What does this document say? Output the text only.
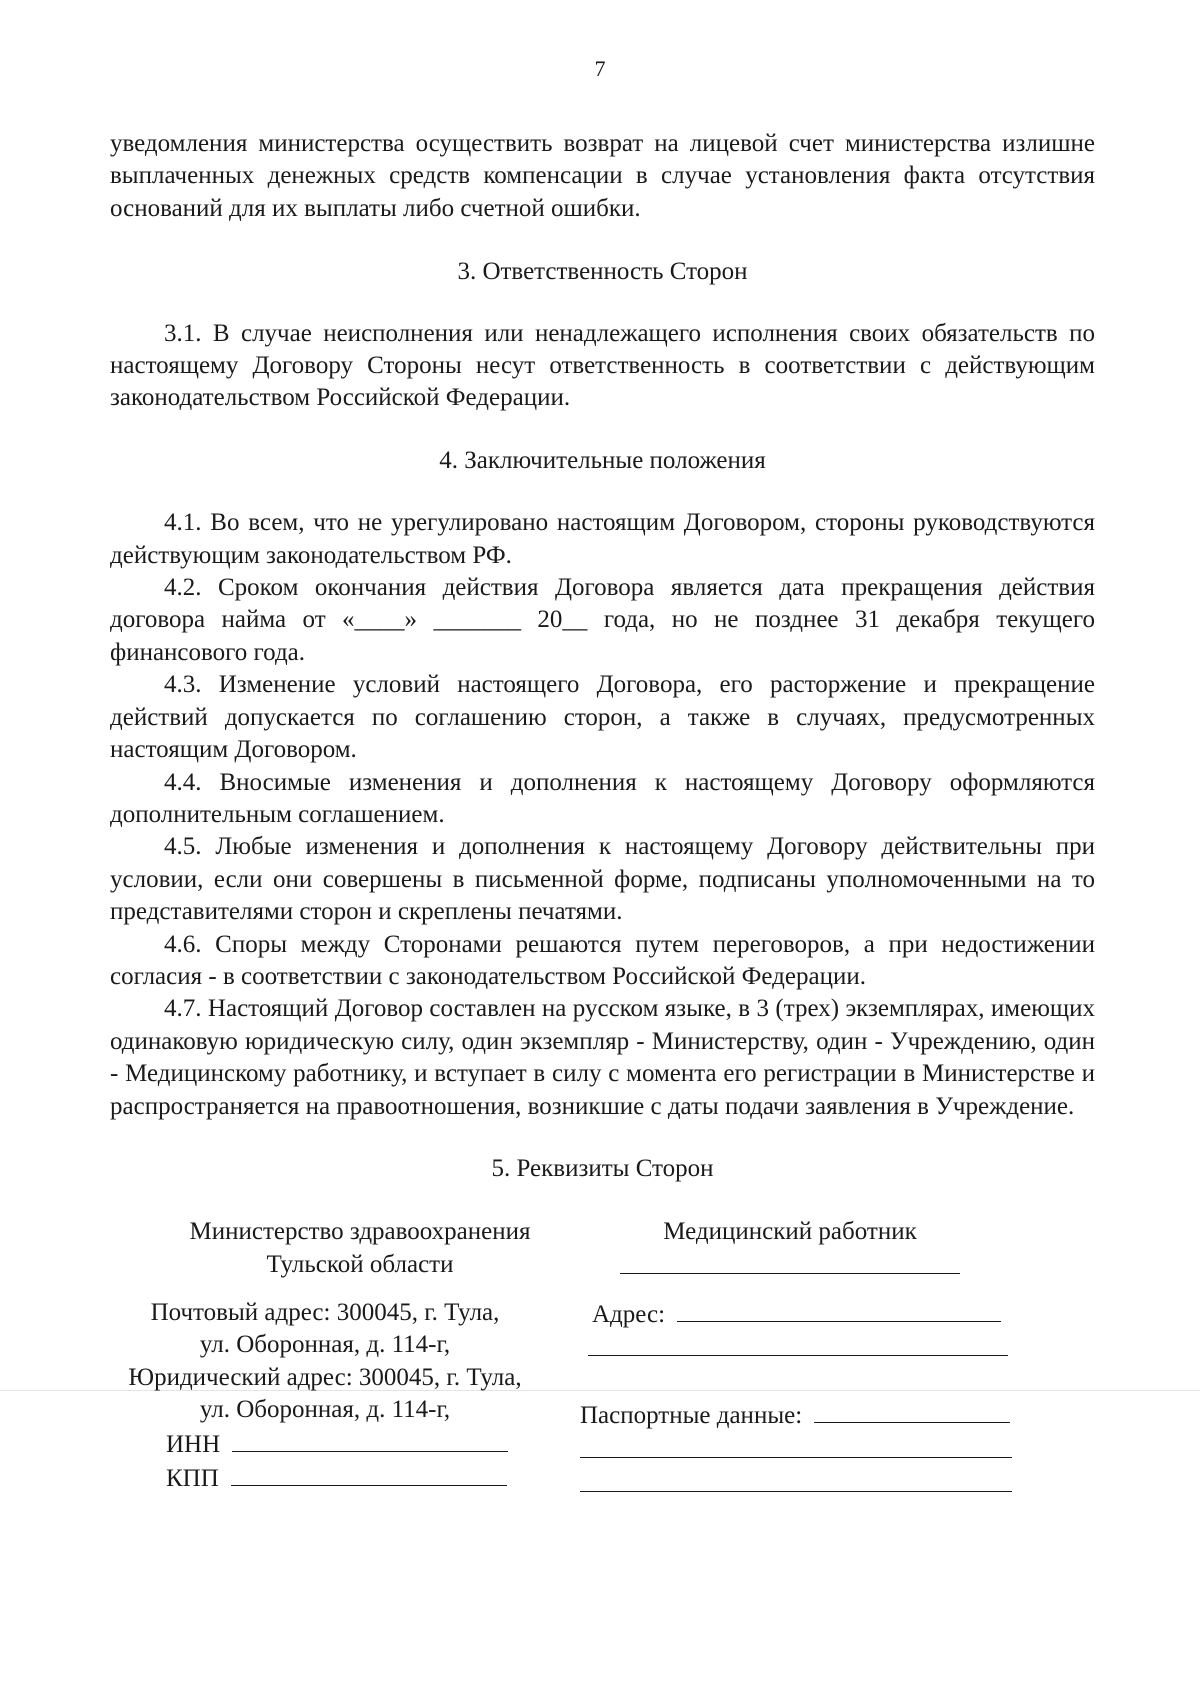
7

уведомления министерства осуществить возврат на лицевой счет министерства излишне выплаченных денежных средств компенсации в случае установления факта отсутствия оснований для их выплаты либо счетной ошибки.

3. Ответственность Сторон

3.1. В случае неисполнения или ненадлежащего исполнения своих обязательств по настоящему Договору Стороны несут ответственность в соответствии с действующим законодательством Российской Федерации.

4. Заключительные положения

4.1. Во всем, что не урегулировано настоящим Договором, стороны руководствуются действующим законодательством РФ.

4.2. Сроком окончания действия Договора является дата прекращения действия договора найма от «____» _______ 20__ года, но не позднее 31 декабря текущего финансового года.

4.3. Изменение условий настоящего Договора, его расторжение и прекращение действий допускается по соглашению сторон, а также в случаях, предусмотренных настоящим Договором.

4.4. Вносимые изменения и дополнения к настоящему Договору оформляются дополнительным соглашением.

4.5. Любые изменения и дополнения к настоящему Договору действительны при условии, если они совершены в письменной форме, подписаны уполномоченными на то представителями сторон и скреплены печатями.

4.6. Споры между Сторонами решаются путем переговоров, а при недостижении согласия - в соответствии с законодательством Российской Федерации.

4.7. Настоящий Договор составлен на русском языке, в 3 (трех) экземплярах, имеющих одинаковую юридическую силу, один экземпляр - Министерству, один - Учреждению, один - Медицинскому работнику, и вступает в силу с момента его регистрации в Министерстве и распространяется на правоотношения, возникшие с даты подачи заявления в Учреждение.

5. Реквизиты Сторон

Министерство здравоохранения
Тульской области
Медицинский работник
Почтовый адрес: 300045, г. Тула,
ул. Оборонная, д. 114-г,
Юридический адрес: 300045, г. Тула,
ул. Оборонная, д. 114-г,
ИНН
КПП
Адрес:
Паспортные данные:
